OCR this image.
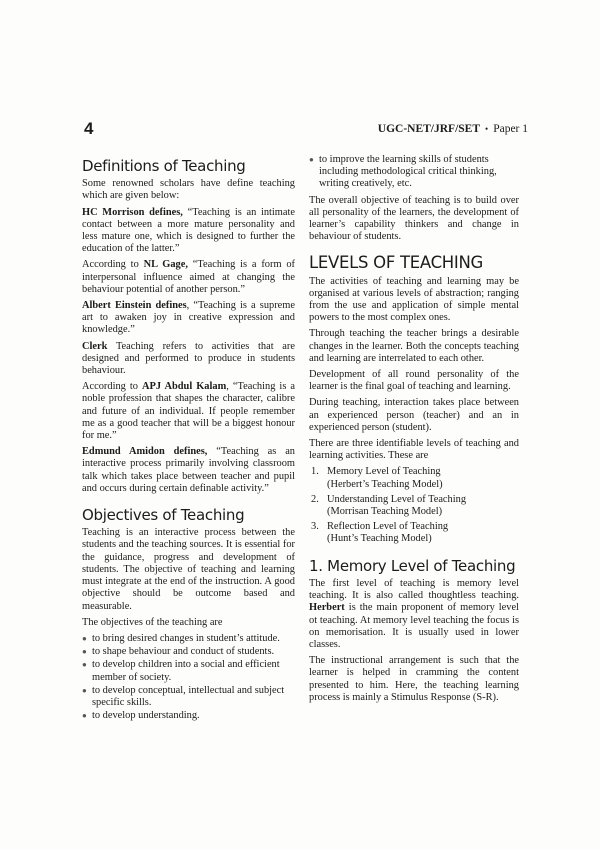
4	UGC-NET/JRF/SET • Paper 1
Definitions of Teaching

Some renowned scholars have define teaching which are given below:

HC Morrison defines, “Teaching is an intimate contact between a more mature personality and less mature one, which is designed to further the education of the latter.”

According to NL Gage, “Teaching is a form of interpersonal influence aimed at changing the behaviour potential of another person.”

Albert Einstein defines, “Teaching is a supreme art to awaken joy in creative expression and knowledge.”

Clerk Teaching refers to activities that are designed and performed to produce in students behaviour.

According to APJ Abdul Kalam, “Teaching is a noble profession that shapes the character, calibre and future of an individual. If people remember me as a good teacher that will be a biggest honour for me.”

Edmund Amidon defines, “Teaching as an interactive process primarily involving classroom talk which takes place between teacher and pupil and occurs during certain definable activity.”

Objectives of Teaching

Teaching is an interactive process between the students and the teaching sources. It is essential for the guidance, progress and development of students. The objective of teaching and learning must integrate at the end of the instruction. A good objective should be outcome based and measurable.

The objectives of the teaching are

● to bring desired changes in student’s attitude.
● to shape behaviour and conduct of students.
● to develop children into a social and efficient member of society.
● to develop conceptual, intellectual and subject specific skills.
● to develop understanding.
● to improve the learning skills of students including methodological critical thinking, writing creatively, etc.

The overall objective of teaching is to build over all personality of the learners, the development of learner’s capability thinkers and change in behaviour of students.

LEVELS OF TEACHING

The activities of teaching and learning may be organised at various levels of abstraction; ranging from the use and application of simple mental powers to the most complex ones.

Through teaching the teacher brings a desirable changes in the learner. Both the concepts teaching and learning are interrelated to each other.

Development of all round personality of the learner is the final goal of teaching and learning.

During teaching, interaction takes place between an experienced person (teacher) and an in experienced person (student).

There are three identifiable levels of teaching and learning activities. These are

1. Memory Level of Teaching
(Herbert’s Teaching Model)
2. Understanding Level of Teaching
(Morrisan Teaching Model)
3. Reflection Level of Teaching
(Hunt’s Teaching Model)
1. Memory Level of Teaching

The first level of teaching is memory level teaching. It is also called thoughtless teaching. Herbert is the main proponent of memory level ot teaching. At memory level teaching the focus is on memorisation. It is usually used in lower classes.

The instructional arrangement is such that the learner is helped in cramming the content presented to him. Here, the teaching learning process is mainly a Stimulus Response (S-R).
